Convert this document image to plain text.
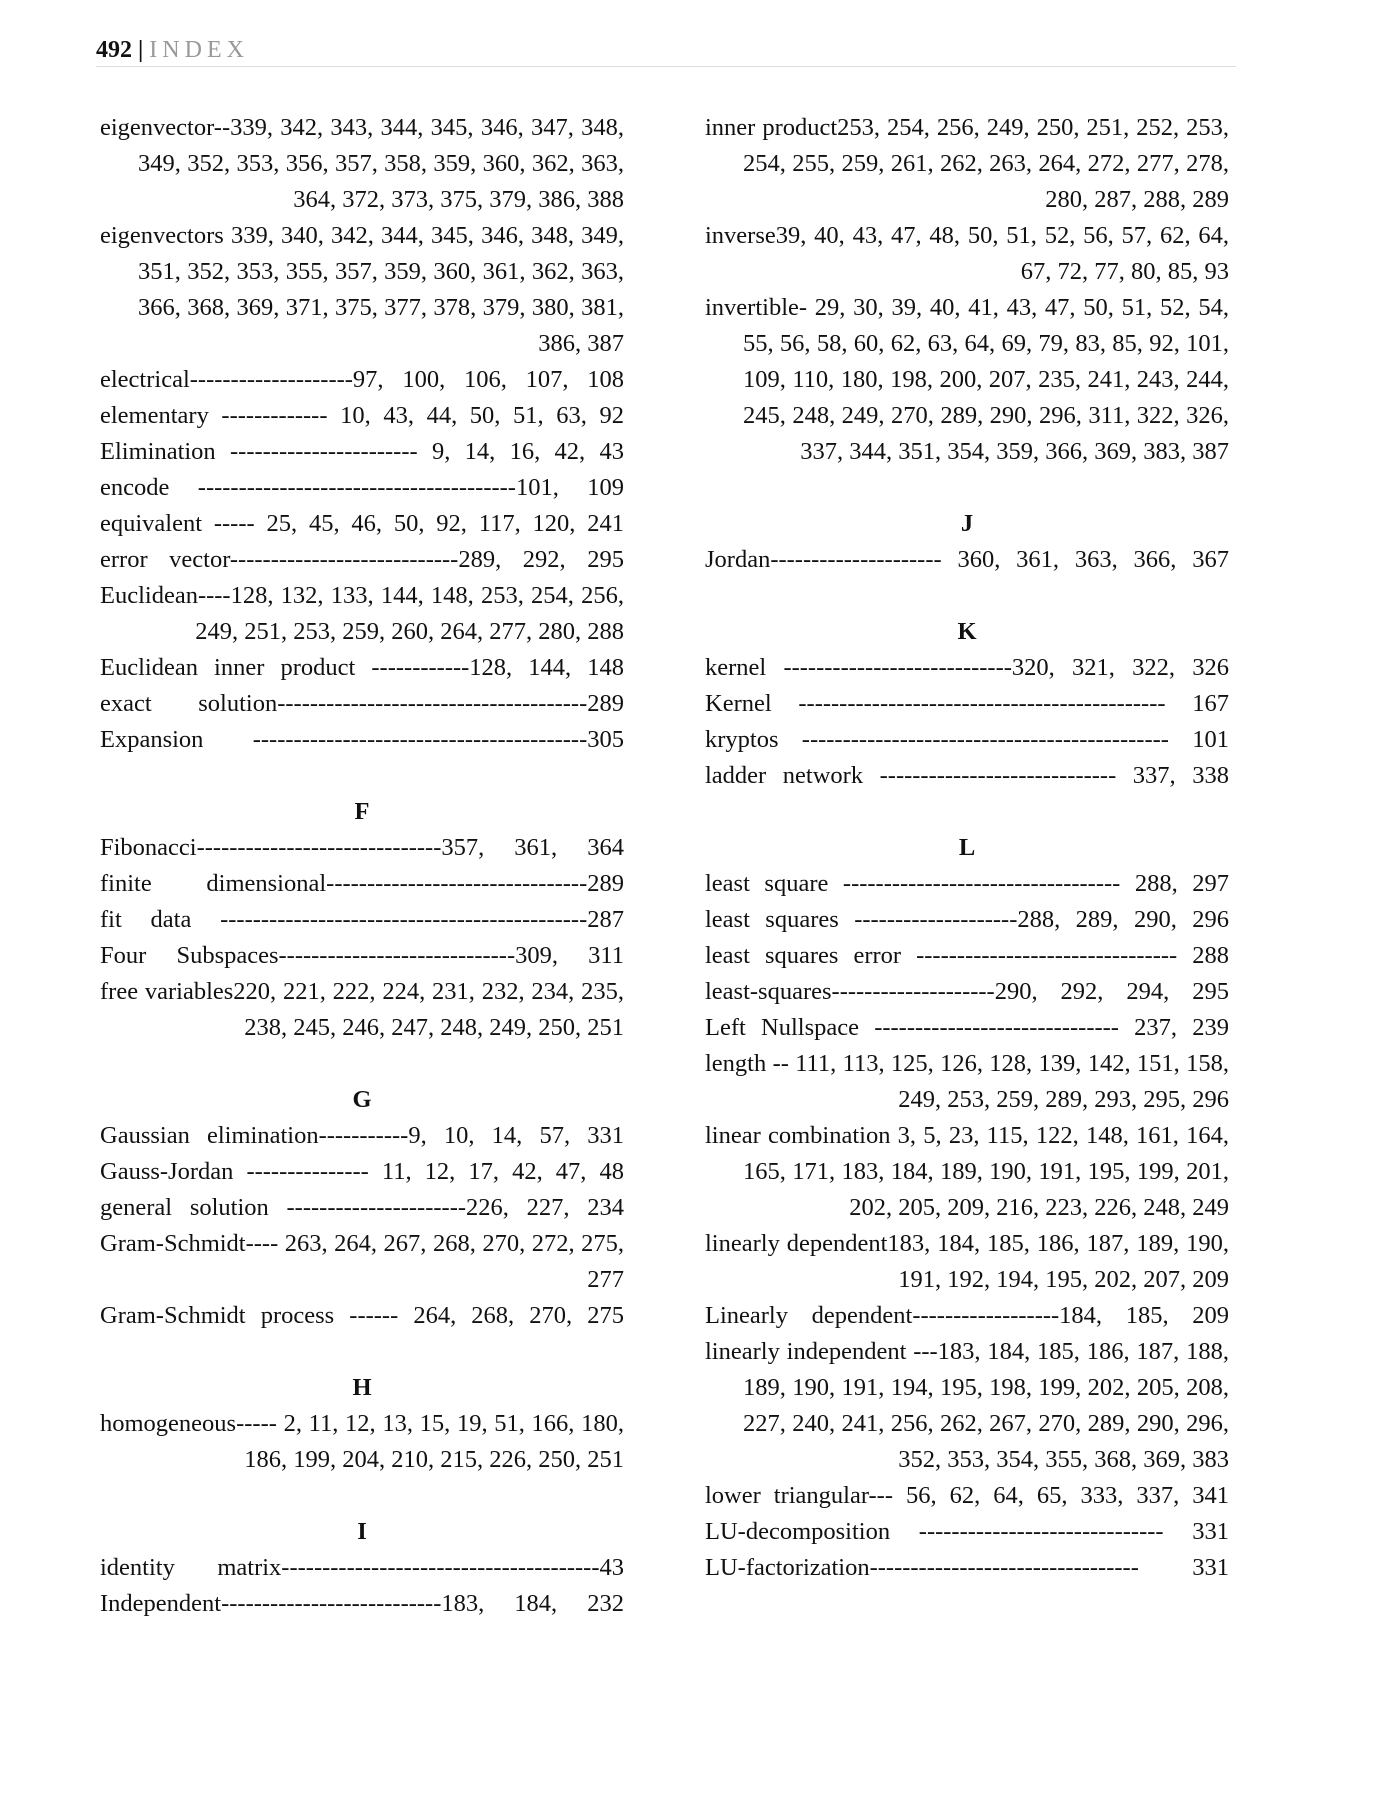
492 | INDEX
eigenvector--339, 342, 343, 344, 345, 346, 347, 348, 349, 352, 353, 356, 357, 358, 359, 360, 362, 363, 364, 372, 373, 375, 379, 386, 388
eigenvectors 339, 340, 342, 344, 345, 346, 348, 349, 351, 352, 353, 355, 357, 359, 360, 361, 362, 363, 366, 368, 369, 371, 375, 377, 378, 379, 380, 381, 386, 387
electrical--------------------97, 100, 106, 107, 108
elementary ------------- 10, 43, 44, 50, 51, 63, 92
Elimination ----------------------- 9, 14, 16, 42, 43
encode ---------------------------------------101, 109
equivalent ----- 25, 45, 46, 50, 92, 117, 120, 241
error vector----------------------------289, 292, 295
Euclidean----128, 132, 133, 144, 148, 253, 254, 256, 249, 251, 253, 259, 260, 264, 277, 280, 288
Euclidean inner product ------------128, 144, 148
exact solution--------------------------------------289
Expansion -----------------------------------------305
F
Fibonacci------------------------------357, 361, 364
finite dimensional--------------------------------289
fit data ---------------------------------------------287
Four Subspaces-----------------------------309, 311
free variables220, 221, 222, 224, 231, 232, 234, 235, 238, 245, 246, 247, 248, 249, 250, 251
G
Gaussian elimination-----------9, 10, 14, 57, 331
Gauss-Jordan --------------- 11, 12, 17, 42, 47, 48
general solution ----------------------226, 227, 234
Gram-Schmidt---- 263, 264, 267, 268, 270, 272, 275, 277
Gram-Schmidt process ------ 264, 268, 270, 275
H
homogeneous----- 2, 11, 12, 13, 15, 19, 51, 166, 180, 186, 199, 204, 210, 215, 226, 250, 251
I
identity matrix---------------------------------------43
Independent---------------------------183, 184, 232
inner product253, 254, 256, 249, 250, 251, 252, 253, 254, 255, 259, 261, 262, 263, 264, 272, 277, 278, 280, 287, 288, 289
inverse39, 40, 43, 47, 48, 50, 51, 52, 56, 57, 62, 64, 67, 72, 77, 80, 85, 93
invertible- 29, 30, 39, 40, 41, 43, 47, 50, 51, 52, 54, 55, 56, 58, 60, 62, 63, 64, 69, 79, 83, 85, 92, 101, 109, 110, 180, 198, 200, 207, 235, 241, 243, 244, 245, 248, 249, 270, 289, 290, 296, 311, 322, 326, 337, 344, 351, 354, 359, 366, 369, 383, 387
J
Jordan--------------------- 360, 361, 363, 366, 367
K
kernel ----------------------------320, 321, 322, 326
Kernel --------------------------------------------- 167
kryptos --------------------------------------------- 101
ladder network ----------------------------- 337, 338
L
least square ---------------------------------- 288, 297
least squares --------------------288, 289, 290, 296
least squares error -------------------------------- 288
least-squares--------------------290, 292, 294, 295
Left Nullspace ------------------------------ 237, 239
length -- 111, 113, 125, 126, 128, 139, 142, 151, 158, 249, 253, 259, 289, 293, 295, 296
linear combination 3, 5, 23, 115, 122, 148, 161, 164, 165, 171, 183, 184, 189, 190, 191, 195, 199, 201, 202, 205, 209, 216, 223, 226, 248, 249
linearly dependent183, 184, 185, 186, 187, 189, 190, 191, 192, 194, 195, 202, 207, 209
Linearly dependent------------------184, 185, 209
linearly independent ---183, 184, 185, 186, 187, 188, 189, 190, 191, 194, 195, 198, 199, 202, 205, 208, 227, 240, 241, 256, 262, 267, 270, 289, 290, 296, 352, 353, 354, 355, 368, 369, 383
lower triangular--- 56, 62, 64, 65, 333, 337, 341
LU-decomposition ------------------------------ 331
LU-factorization--------------------------------- 331
